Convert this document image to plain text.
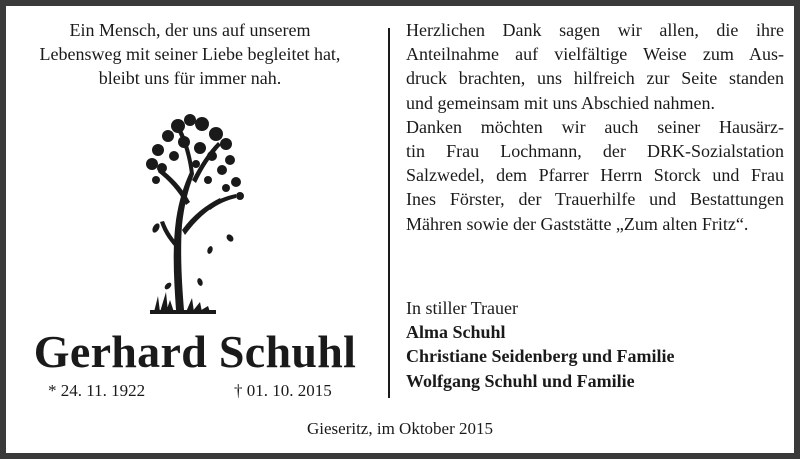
Ein Mensch, der uns auf unserem
Lebensweg mit seiner Liebe begleitet hat,
bleibt uns für immer nah.
Gerhard Schuhl
* 24. 11. 1922	† 01. 10. 2015
Herzlichen Dank sagen wir allen, die ihre
Anteilnahme auf vielfältige Weise zum Aus-
druck brachten, uns hilfreich zur Seite standen
und gemeinsam mit uns Abschied nahmen.
Danken möchten wir auch seiner Hausärz-
tin Frau Lochmann, der DRK-Sozialstation
Salzwedel, dem Pfarrer Herrn Storck und Frau
Ines Förster, der Trauerhilfe und Bestattungen
Mähren sowie der Gaststätte „Zum alten Fritz“.
In stiller Trauer
Alma Schuhl
Christiane Seidenberg und Familie
Wolfgang Schuhl und Familie
Gieseritz, im Oktober 2015
